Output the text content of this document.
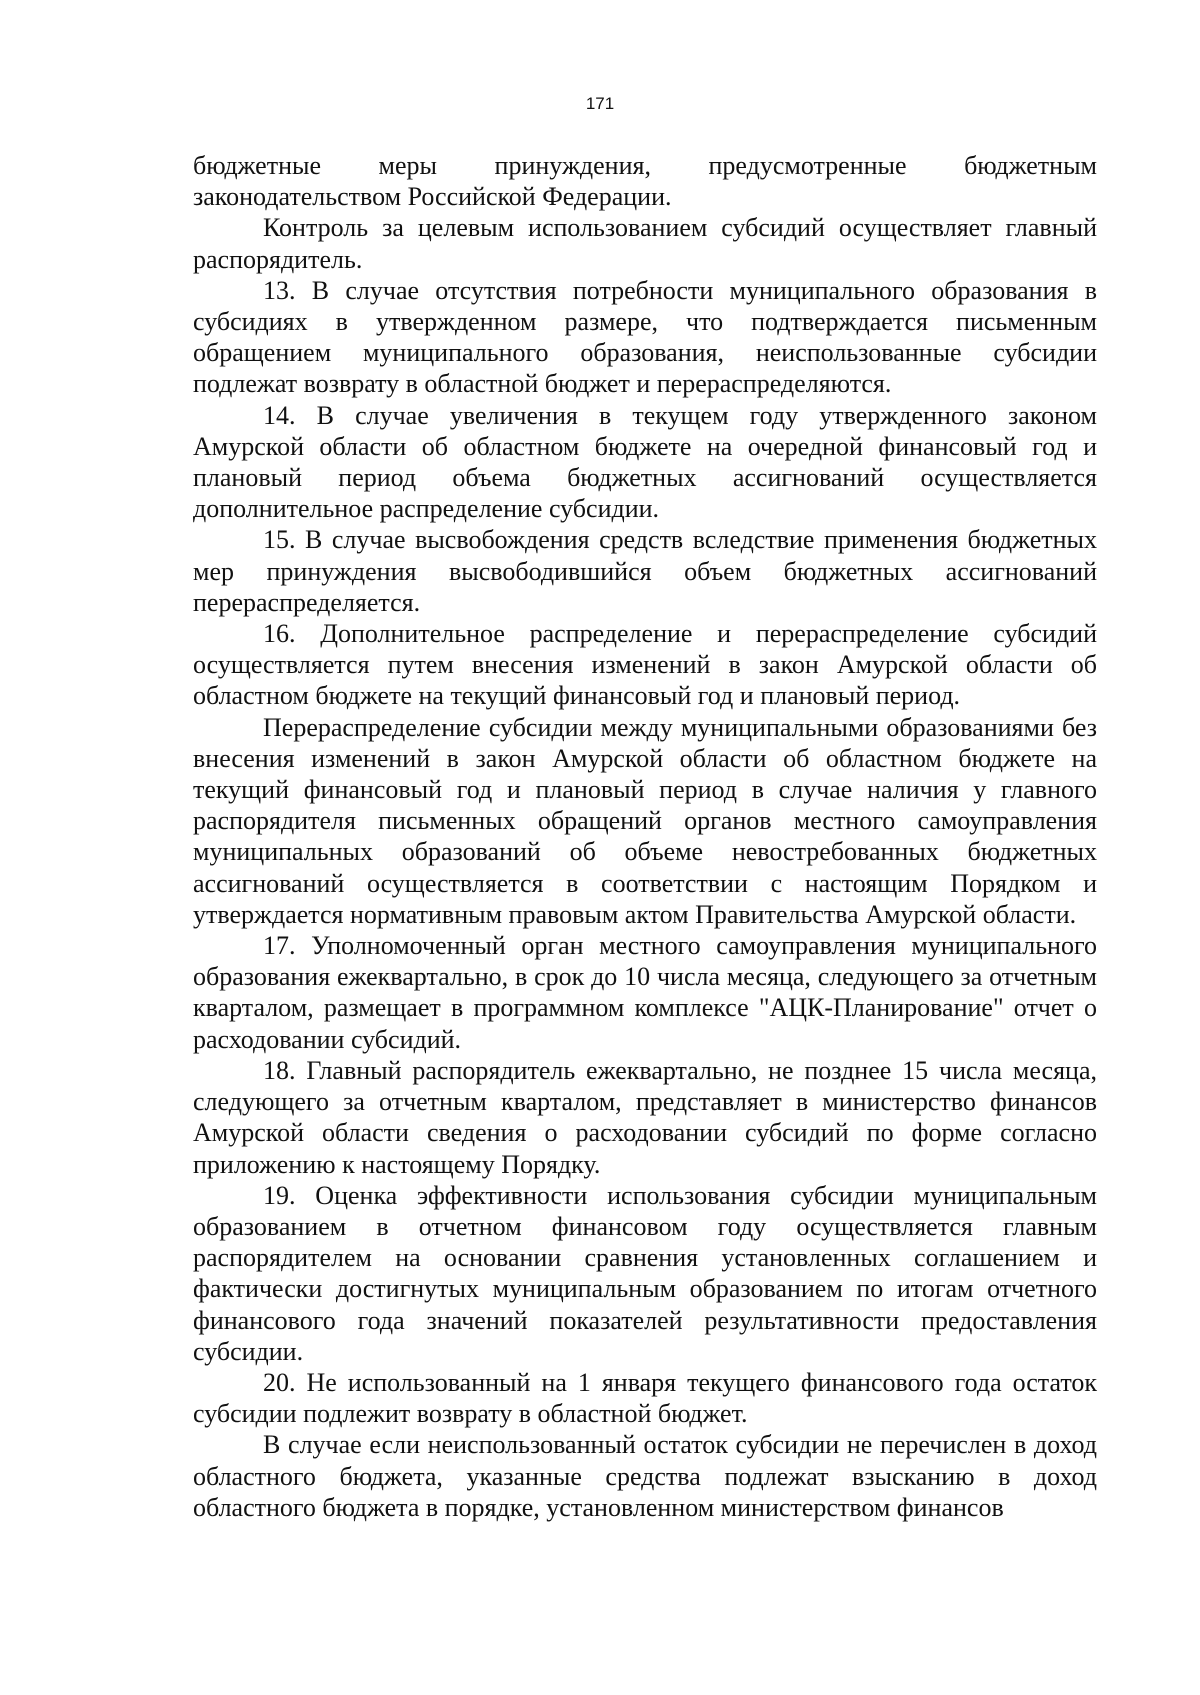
171

бюджетные меры принуждения, предусмотренные бюджетным законодательством Российской Федерации.

Контроль за целевым использованием субсидий осуществляет главный распорядитель.

13. В случае отсутствия потребности муниципального образования в субсидиях в утвержденном размере, что подтверждается письменным обращением муниципального образования, неиспользованные субсидии подлежат возврату в областной бюджет и перераспределяются.

14. В случае увеличения в текущем году утвержденного законом Амурской области об областном бюджете на очередной финансовый год и плановый период объема бюджетных ассигнований осуществляется дополнительное распределение субсидии.

15. В случае высвобождения средств вследствие применения бюджетных мер принуждения высвободившийся объем бюджетных ассигнований перераспределяется.

16. Дополнительное распределение и перераспределение субсидий осуществляется путем внесения изменений в закон Амурской области об областном бюджете на текущий финансовый год и плановый период.

Перераспределение субсидии между муниципальными образованиями без внесения изменений в закон Амурской области об областном бюджете на текущий финансовый год и плановый период в случае наличия у главного распорядителя письменных обращений органов местного самоуправления муниципальных образований об объеме невостребованных бюджетных ассигнований осуществляется в соответствии с настоящим Порядком и утверждается нормативным правовым актом Правительства Амурской области.

17. Уполномоченный орган местного самоуправления муниципального образования ежеквартально, в срок до 10 числа месяца, следующего за отчетным кварталом, размещает в программном комплексе "АЦК-Планирование" отчет о расходовании субсидий.

18. Главный распорядитель ежеквартально, не позднее 15 числа месяца, следующего за отчетным кварталом, представляет в министерство финансов Амурской области сведения о расходовании субсидий по форме согласно приложению к настоящему Порядку.

19. Оценка эффективности использования субсидии муниципальным образованием в отчетном финансовом году осуществляется главным распорядителем на основании сравнения установленных соглашением и фактически достигнутых муниципальным образованием по итогам отчетного финансового года значений показателей результативности предоставления субсидии.

20. Не использованный на 1 января текущего финансового года остаток субсидии подлежит возврату в областной бюджет.

В случае если неиспользованный остаток субсидии не перечислен в доход областного бюджета, указанные средства подлежат взысканию в доход областного бюджета в порядке, установленном министерством финансов
